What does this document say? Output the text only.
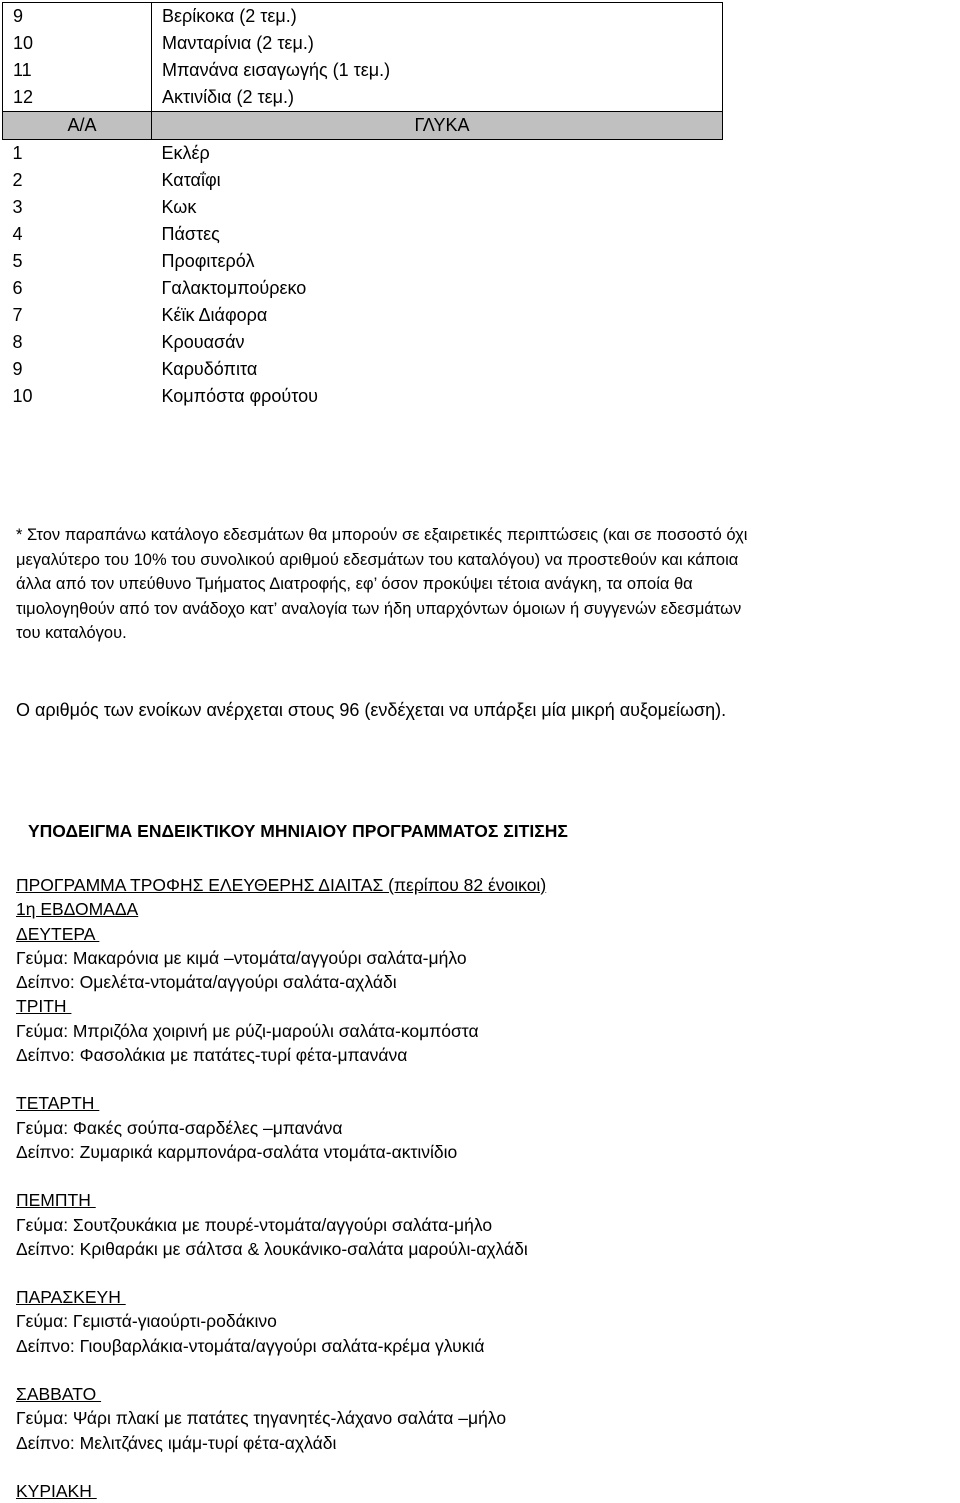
9	Βερίκοκα (2 τεμ.)
10	Μανταρίνια (2 τεμ.)
11	Μπανάνα εισαγωγής (1 τεμ.)
12	Ακτινίδια (2 τεμ.)
Α/Α	ΓΛΥΚΑ
1	Εκλέρ
2	Καταΐφι
3	Κωκ
4	Πάστες
5	Προφιτερόλ
6	Γαλακτομπούρεκο
7	Κέϊκ Διάφορα
8	Κρουασάν
9	Καρυδόπιτα
10	Κομπόστα φρούτου
* Στον παραπάνω κατάλογο εδεσμάτων θα μπορούν σε εξαιρετικές περιπτώσεις (και σε ποσοστό όχι
μεγαλύτερο του 10% του συνολικού αριθμού εδεσμάτων του καταλόγου) να προστεθούν και κάποια
άλλα από τον υπεύθυνο Τμήματος Διατροφής, εφ’ όσον προκύψει τέτοια ανάγκη, τα οποία θα
τιμολογηθούν από τον ανάδοχο κατ’ αναλογία των ήδη υπαρχόντων όμοιων ή συγγενών εδεσμάτων
του καταλόγου.
Ο αριθμός των ενοίκων ανέρχεται στους 96 (ενδέχεται να υπάρξει μία μικρή αυξομείωση).
ΥΠΟΔΕΙΓΜΑ ΕΝΔΕΙΚΤΙΚΟΥ ΜΗΝΙΑΙΟΥ ΠΡΟΓΡΑΜΜΑΤΟΣ ΣΙΤΙΣΗΣ
ΠΡΟΓΡΑΜΜΑ ΤΡΟΦΗΣ ΕΛΕΥΘΕΡΗΣ ΔΙΑΙΤΑΣ (περίπου 82 ένοικοι)
1η ΕΒΔΟΜΑΔΑ
ΔΕΥΤΕΡΑ
Γεύμα: Μακαρόνια με κιμά –ντομάτα/αγγούρι σαλάτα-μήλο
Δείπνο: Ομελέτα-ντομάτα/αγγούρι σαλάτα-αχλάδι
ΤΡΙΤΗ
Γεύμα: Μπριζόλα χοιρινή με ρύζι-μαρούλι σαλάτα-κομπόστα
Δείπνο: Φασολάκια με πατάτες-τυρί φέτα-μπανάνα
ΤΕΤΑΡΤΗ
Γεύμα: Φακές σούπα-σαρδέλες –μπανάνα
Δείπνο: Ζυμαρικά καρμπονάρα-σαλάτα ντομάτα-ακτινίδιο
ΠΕΜΠΤΗ
Γεύμα: Σουτζουκάκια με πουρέ-ντομάτα/αγγούρι σαλάτα-μήλο
Δείπνο: Κριθαράκι με σάλτσα & λουκάνικο-σαλάτα μαρούλι-αχλάδι
ΠΑΡΑΣΚΕΥΗ
Γεύμα: Γεμιστά-γιαούρτι-ροδάκινο
Δείπνο: Γιουβαρλάκια-ντομάτα/αγγούρι σαλάτα-κρέμα γλυκιά
ΣΑΒΒΑΤΟ
Γεύμα: Ψάρι πλακί με πατάτες τηγανητές-λάχανο σαλάτα –μήλο
Δείπνο: Μελιτζάνες ιμάμ-τυρί φέτα-αχλάδι
ΚΥΡΙΑΚΗ
